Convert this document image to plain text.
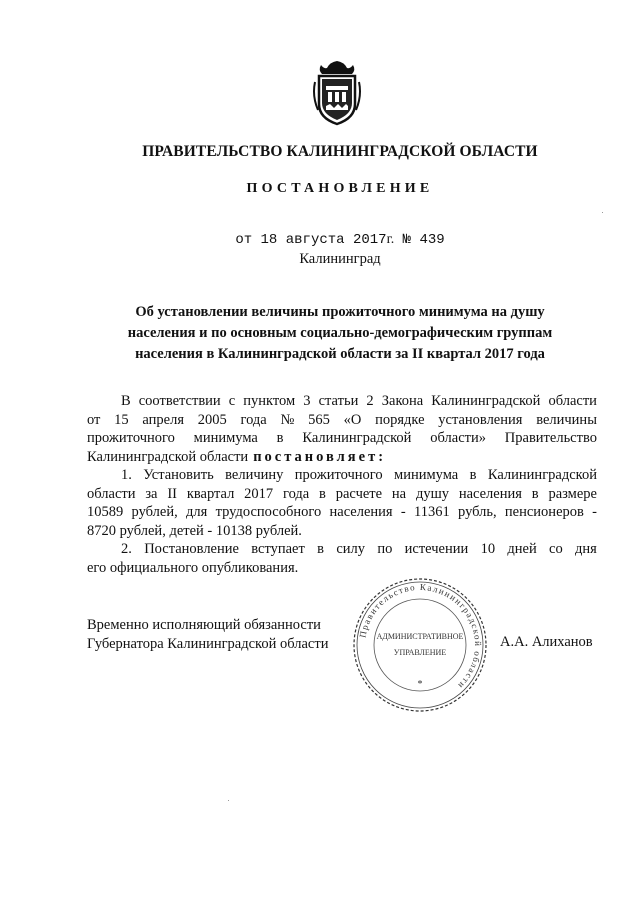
ПРАВИТЕЛЬСТВО КАЛИНИНГРАДСКОЙ ОБЛАСТИ
ПОСТАНОВЛЕНИЕ
от 18 августа 2017г. № 439
Калининград
Об установлении величины прожиточного минимума на душу
населения и по основным социально-демографическим группам
населения в Калининградской области за II квартал 2017 года
В соответствии с пунктом 3 статьи 2 Закона Калининградской области
от 15 апреля 2005 года № 565 «О порядке установления величины
прожиточного минимума в Калининградской области» Правительство
Калининградской области постановляет:
1. Установить величину прожиточного минимума в Калининградской
области за II квартал 2017 года в расчете на душу населения в размере
10589 рублей, для трудоспособного населения - 11361 рубль, пенсионеров -
8720 рублей, детей - 10138 рублей.
2. Постановление вступает в силу по истечении 10 дней со дня
его официального опубликования.
Временно исполняющий обязанности
Губернатора Калининградской области
Правительство Калининградской области
АДМИНИСТРАТИВНОЕ
УПРАВЛЕНИЕ
*
А.А. Алиханов
